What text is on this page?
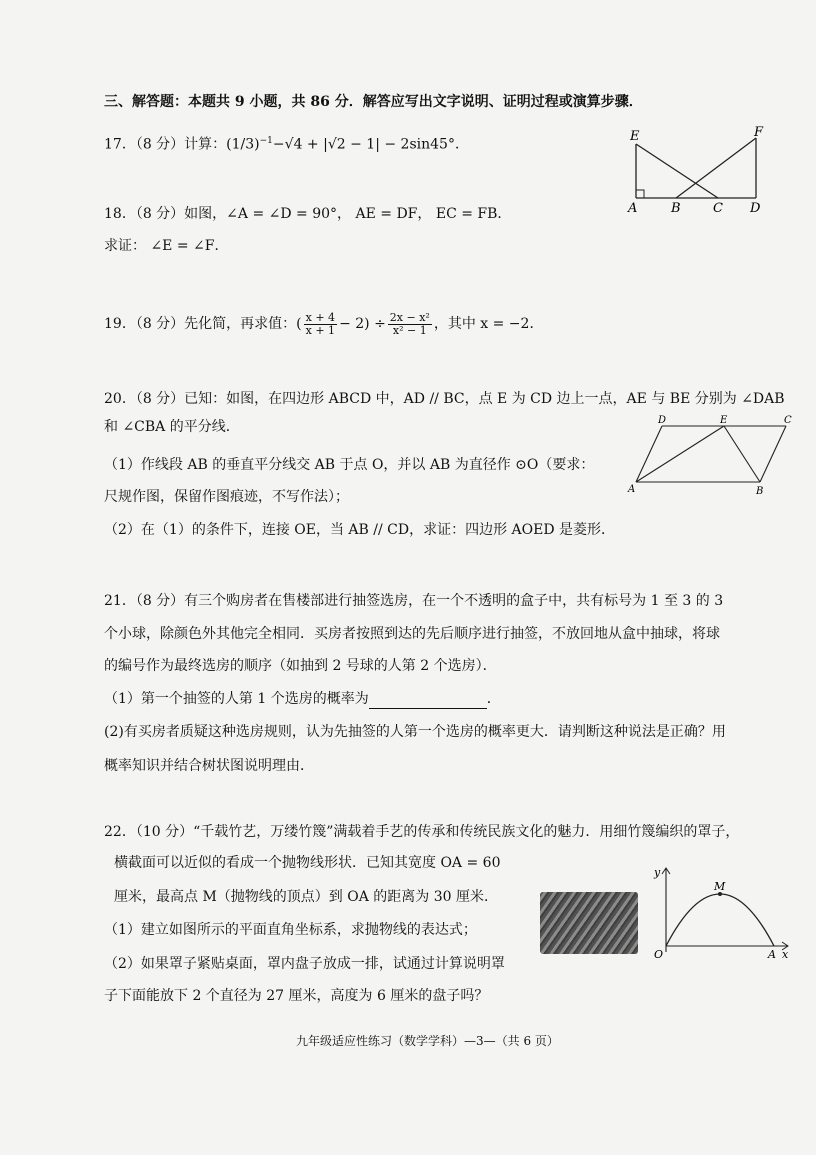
三、解答题：本题共 9 小题，共 86 分．解答应写出文字说明、证明过程或演算步骤．
17．（8 分）计算：$(1/3)^{-1}-√4 + |√2 - 1| - 2\sin 45^\circ$．
E	F
A	B C D
18．（8 分）如图，∠A = ∠D = 90°， AE = DF， EC = FB．
求证： ∠E = ∠F．
19．（8 分）先化简，再求值：( $\frac{x + 4}{x + 1} - 2) \div \frac{\text{2x − x²}}{\text{x² − 1}}$ ，其中 x = −2．
20．（8 分）已知：如图，在四边形 ABCD 中，AD // BC，点 E 为 CD 边上一点，AE 与 BE 分别为 ∠DAB
和 ∠CBA 的平分线．
（1）作线段 AB 的垂直平分线交 AB 于点 O，并以 AB 为直径作 ⊙O（要求：
尺规作图，保留作图痕迹，不写作法）；
（2）在（1）的条件下，连接 OE，当 AB // CD，求证：四边形 AOED 是菱形．
D	E	C
A	B
21．（8 分）有三个购房者在售楼部进行抽签选房，在一个不透明的盒子中，共有标号为 1 至 3 的 3
个小球，除颜色外其他完全相同．买房者按照到达的先后顺序进行抽签，不放回地从盒中抽球，将球
的编号作为最终选房的顺序（如抽到 2 号球的人第 2 个选房）．
（1）第一个抽签的人第 1 个选房的概率为	．
(2)有买房者质疑这种选房规则，认为先抽签的人第一个选房的概率更大．请判断这种说法是正确？用
概率知识并结合树状图说明理由．
22．（10 分）“千载竹艺，万缕竹篾”满载着手艺的传承和传统民族文化的魅力．用细竹篾编织的罩子，
横截面可以近似的看成一个抛物线形状．已知其宽度 OA = 60
厘米，最高点 M（抛物线的顶点）到 OA 的距离为 30 厘米．
（1）建立如图所示的平面直角坐标系，求抛物线的表达式；
（2）如果罩子紧贴桌面，罩内盘子放成一排，试通过计算说明罩
子下面能放下 2 个直径为 27 厘米，高度为 6 厘米的盘子吗？
y
M
O	A x
九年级适应性练习（数学学科）—3—（共 6 页）
